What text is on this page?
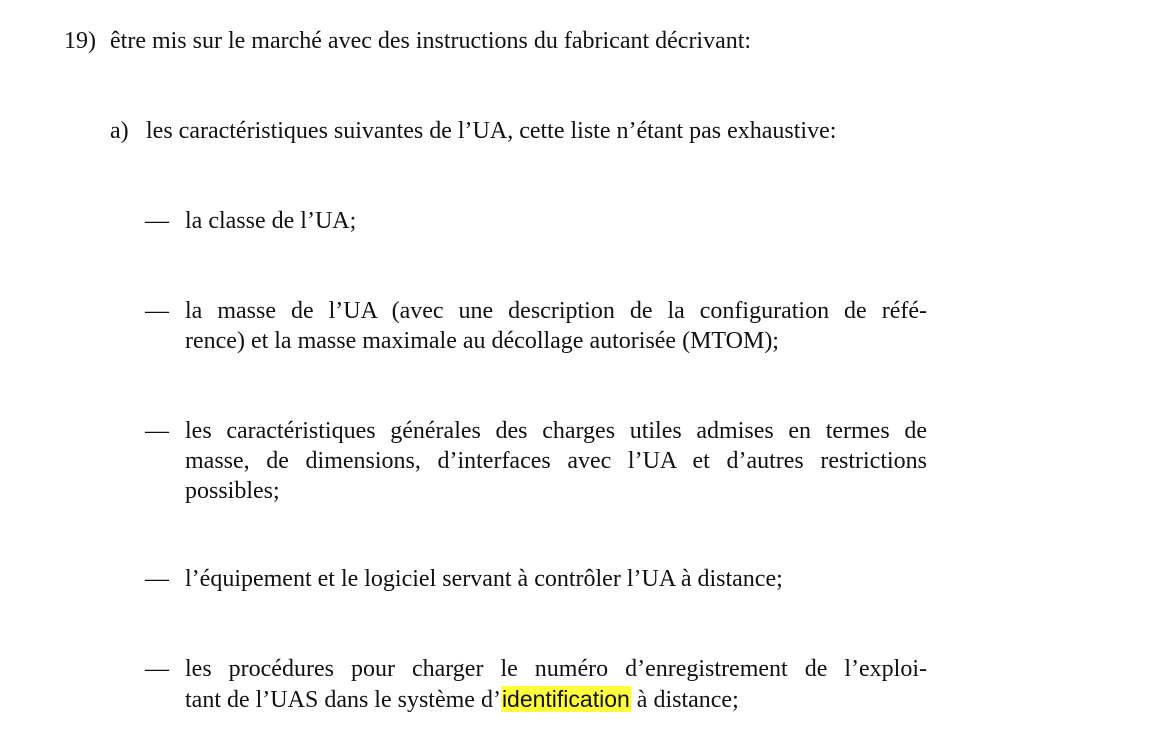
19) être mis sur le marché avec des instructions du fabricant décrivant:
a) les caractéristiques suivantes de l’UA, cette liste n’étant pas exhaustive:
— la classe de l’UA;
— la masse de l’UA (avec une description de la configuration de réfé-
rence) et la masse maximale au décollage autorisée (MTOM);
— les caractéristiques générales des charges utiles admises en termes de
masse, de dimensions, d’interfaces avec l’UA et d’autres restrictions
possibles;
— l’équipement et le logiciel servant à contrôler l’UA à distance;
— les procédures pour charger le numéro d’enregistrement de l’exploi-
tant de l’UAS dans le système d’identification à distance;
